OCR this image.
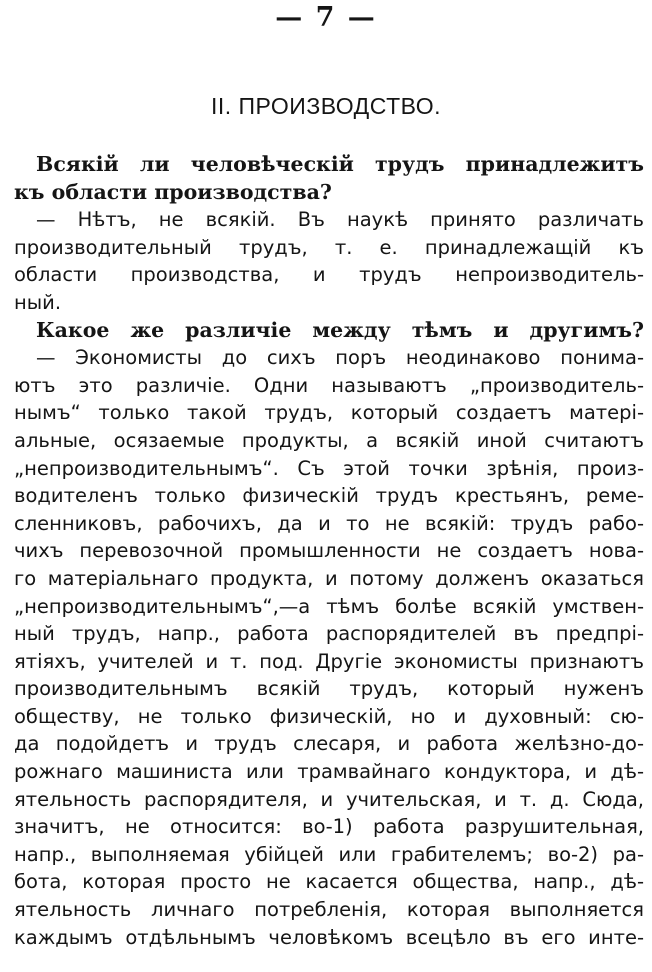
— 7 —
II. ПРОИЗВОДСТВО.
Всякій ли человѣческій трудъ принадлежитъ
къ области производства?
— Нѣтъ, не всякій. Въ наукѣ принято различать
производительный трудъ, т. е. принадлежащій къ
области производства, и трудъ непроизводитель-
ный.
Какое же различіе между тѣмъ и другимъ?
— Экономисты до сихъ поръ неодинаково понима-
ютъ это различіе. Одни называютъ „производитель-
нымъ“ только такой трудъ, который создаетъ матерi-
альные, осязаемые продукты, а всякій иной считаютъ
„непроизводительнымъ“. Съ этой точки зрѣнія, произ-
водителенъ только физическій трудъ крестьянъ, реме-
сленниковъ, рабочихъ, да и то не всякій: трудъ рабо-
чихъ перевозочной промышленности не создаетъ нова-
го матеріальнаго продукта, и потому долженъ оказаться
„непроизводительнымъ“,—а тѣмъ болѣе всякій умствен-
ный трудъ, напр., работа распорядителей въ предпрі-
ятіяхъ, учителей и т. под. Другіе экономисты признаютъ
производительнымъ всякій трудъ, который нуженъ
обществу, не только физическій, но и духовный: сю-
да подойдетъ и трудъ слесаря, и работа желѣзно-до-
рожнаго машиниста или трамвайнаго кондуктора, и дѣ-
ятельность распорядителя, и учительская, и т. д. Сюда,
значитъ, не относится: во-1) работа разрушительная,
напр., выполняемая убійцей или грабителемъ; во-2) ра-
бота, которая просто не касается общества, напр., дѣ-
ятельность личнаго потребленія, которая выполняется
каждымъ отдѣльнымъ человѣкомъ всецѣло въ его инте-
